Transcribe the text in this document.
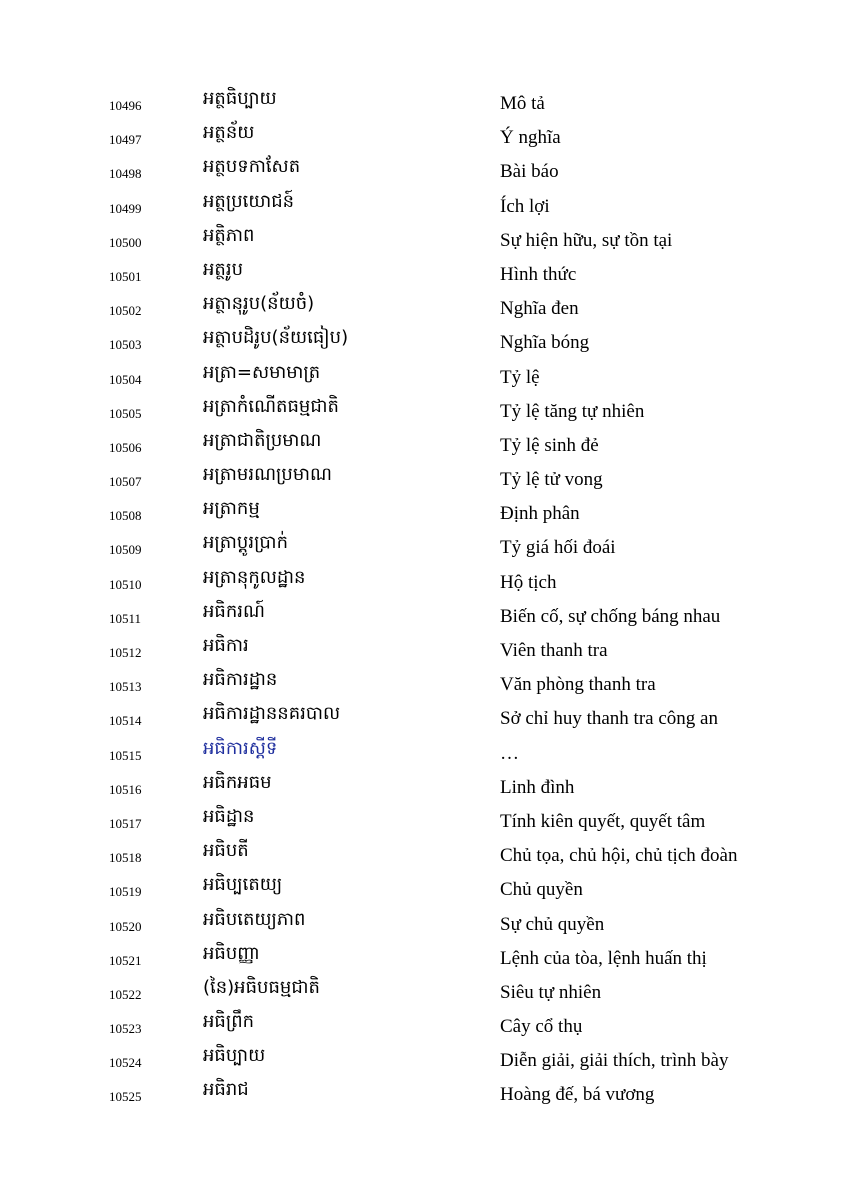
10496	អត្ថធិប្បាយ	Mô tả
10497	អត្ថន័យ	Ý nghĩa
10498	អត្ថបទកាសែត	Bài báo
10499	អត្ថប្រយោជន៍	Ích lợi
10500	អត្ថិភាព	Sự hiện hữu, sự tồn tại
10501	អត្ថរូប	Hình thức
10502	អត្ថានុរូប(ន័យចំ)	Nghĩa đen
10503	អត្ថាបដិរូប(ន័យធៀប)	Nghĩa bóng
10504	អត្រា=សមាមាត្រ	Tỷ lệ
10505	អត្រាកំណើតធម្មជាតិ	Tỷ lệ tăng tự nhiên
10506	អត្រាជាតិប្រមាណ	Tỷ lệ sinh đẻ
10507	អត្រាមរណប្រមាណ	Tỷ lệ tử vong
10508	អត្រាកម្ម	Định phân
10509	អត្រាប្តូរប្រាក់	Tỷ giá hối đoái
10510	អត្រានុកូលដ្ឋាន	Hộ tịch
10511	អធិករណ៍	Biến cố, sự chống báng nhau
10512	អធិការ	Viên thanh tra
10513	អធិការដ្ឋាន	Văn phòng thanh tra
10514	អធិការដ្ឋាននគរបាល	Sở chỉ huy thanh tra công an
10515	អធិការស្តីទី	…
10516	អធិកអធម	Linh đình
10517	អធិដ្ឋាន	Tính kiên quyết, quyết tâm
10518	អធិបតី	Chủ tọa, chủ hội, chủ tịch đoàn
10519	អធិប្បតេយ្យ	Chủ quyền
10520	អធិបតេយ្យភាព	Sự chủ quyền
10521	អធិបញ្ញា	Lệnh của tòa, lệnh huấn thị
10522	(នៃ)អធិបធម្មជាតិ	Siêu tự nhiên
10523	អធិព្រឹក	Cây cổ thụ
10524	អធិប្បាយ	Diễn giải, giải thích, trình bày
10525	អធិរាជ	Hoàng đế, bá vương
